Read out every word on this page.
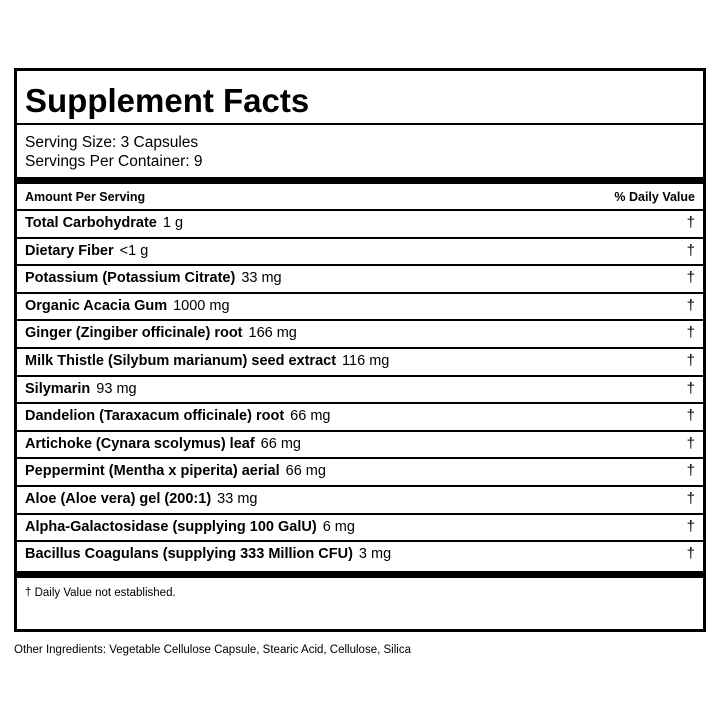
Supplement Facts
Serving Size: 3 Capsules
Servings Per Container: 9
Amount Per Serving	% Daily Value
† Daily Value not established.
Total Carbohydrate 1 g	†
Dietary Fiber <1 g	†
Potassium (Potassium Citrate) 33 mg	†
Organic Acacia Gum 1000 mg	†
Ginger (Zingiber officinale) root 166 mg	†
Milk Thistle (Silybum marianum) seed extract 116 mg	†
Silymarin 93 mg	†
Dandelion (Taraxacum officinale) root 66 mg	†
Artichoke (Cynara scolymus) leaf 66 mg	†
Peppermint (Mentha x piperita) aerial 66 mg	†
Aloe (Aloe vera) gel (200:1) 33 mg	†
Alpha-Galactosidase (supplying 100 GalU) 6 mg	†
Bacillus Coagulans (supplying 333 Million CFU) 3 mg	†
Other Ingredients: Vegetable Cellulose Capsule, Stearic Acid, Cellulose, Silica
